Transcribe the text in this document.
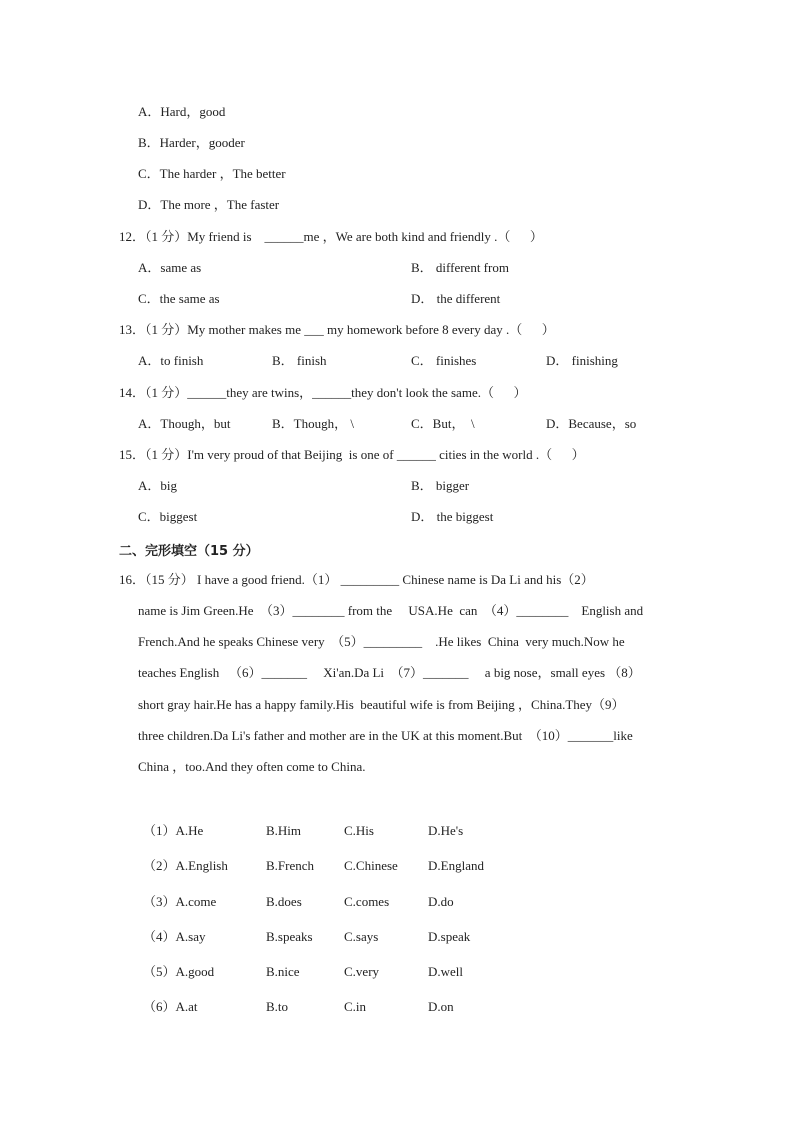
A．Hard，good
B．Harder，gooder
C．The harder ，The better
D．The more ，The faster
12．（1 分）My friend is    ______me ，We are both kind and friendly .（      ）
A．same as	B． different from
C．the same as	D． the different
13．（1 分）My mother makes me ___ my homework before 8 every day .（      ）
A．to finish	B． finish	C． finishes	D． finishing
14．（1 分）______they are twins，______they don't look the same.（      ）
A．Though，but	B．Though， \	C．But，  \	D．Because，so
15．（1 分）I'm very proud of that Beijing  is one of ______ cities in the world .（      ）
A．big	B． bigger
C．biggest	D． the biggest
二、完形填空（15 分）
16．（15 分） I have a good friend.（1） _________ Chinese name is Da Li and his（2）
name is Jim Green.He  （3）________ from the     USA.He  can  （4）________    English and
French.And he speaks Chinese very  （5）_________    .He likes  China  very much.Now he
teaches English   （6）_______     Xi'an.Da Li  （7）_______     a big nose，small eyes （8）
short gray hair.He has a happy family.His  beautiful wife is from Beijing ，China.They（9）
three children.Da Li's father and mother are in the UK at this moment.But  （10）_______like
China ，too.And they often come to China.
（1）A.He	B.Him	C.His	D.He's
（2）A.English	B.French C.Chinese D.England
（3）A.come	B.does	C.comes	D.do
（4）A.say	B.speaks C.says	D.speak
（5）A.good	B.nice	C.very	D.well
（6）A.at	B.to	C.in	D.on
